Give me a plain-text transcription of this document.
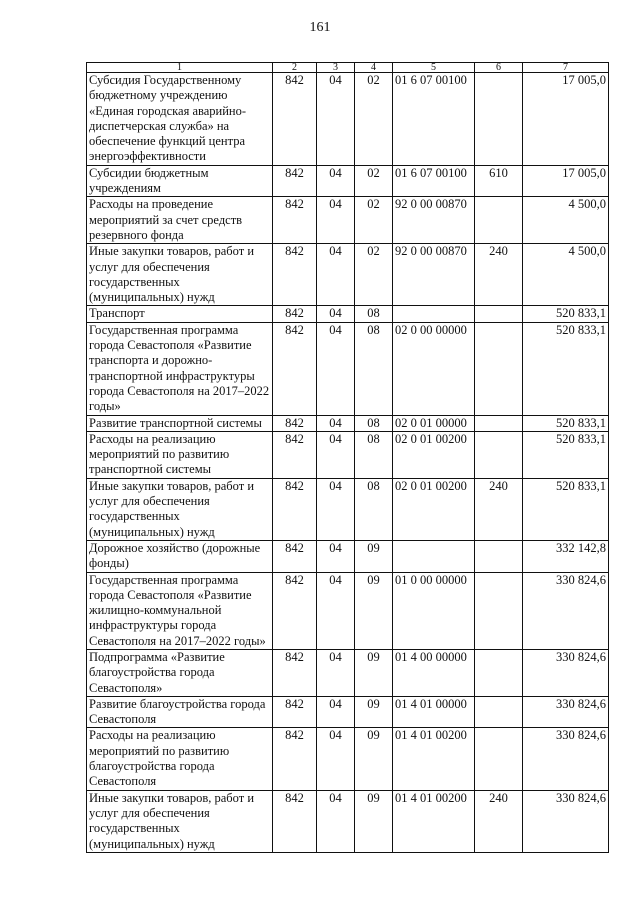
161
1	2	3	4	5	6	7
Субсидия Государственному бюджетному учреждению «Единая городская аварийно-диспетчерская служба» на обеспечение функций центра энергоэффективности	842	04	02	01 6 07 00100		17 005,0
Субсидии бюджетным учреждениям	842	04	02	01 6 07 00100	610	17 005,0
Расходы на проведение мероприятий за счет средств резервного фонда	842	04	02	92 0 00 00870		4 500,0
Иные закупки товаров, работ и услуг для обеспечения государственных (муниципальных) нужд	842	04	02	92 0 00 00870	240	4 500,0
Транспорт	842	04	08			520 833,1
Государственная программа города Севастополя «Развитие транспорта и дорожно-транспортной инфраструктуры города Севастополя на 2017–2022 годы»	842	04	08	02 0 00 00000		520 833,1
Развитие транспортной системы	842	04	08	02 0 01 00000		520 833,1
Расходы на реализацию мероприятий по развитию транспортной системы	842	04	08	02 0 01 00200		520 833,1
Иные закупки товаров, работ и услуг для обеспечения государственных (муниципальных) нужд	842	04	08	02 0 01 00200	240	520 833,1
Дорожное хозяйство (дорожные фонды)	842	04	09			332 142,8
Государственная программа города Севастополя «Развитие жилищно-коммунальной инфраструктуры города Севастополя на 2017–2022 годы»	842	04	09	01 0 00 00000		330 824,6
Подпрограмма «Развитие благоустройства города Севастополя»	842	04	09	01 4 00 00000		330 824,6
Развитие благоустройства города Севастополя	842	04	09	01 4 01 00000		330 824,6
Расходы на реализацию мероприятий по развитию благоустройства города Севастополя	842	04	09	01 4 01 00200		330 824,6
Иные закупки товаров, работ и услуг для обеспечения государственных (муниципальных) нужд	842	04	09	01 4 01 00200	240	330 824,6
